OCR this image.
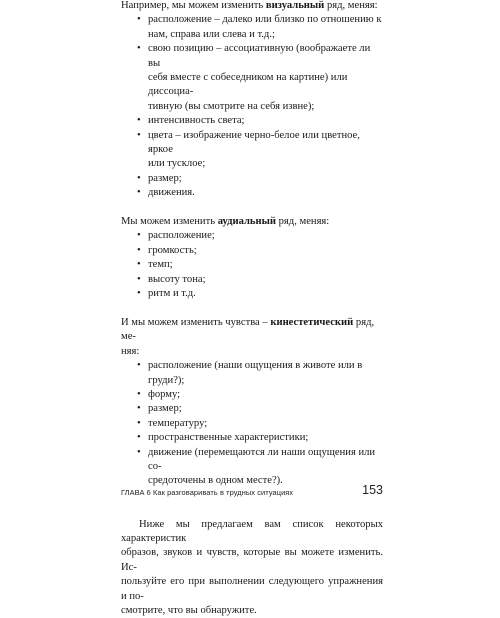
Например, мы можем изменить визуальный ряд, меняя:

• расположение – далеко или близко по отношению к
нам, справа или слева и т.д.;
• свою позицию – ассоциативную (воображаете ли вы
себя вместе с собеседником на картине) или диссоциа-
тивную (вы смотрите на себя извне);
• интенсивность света;
• цвета – изображение черно-белое или цветное, яркое
или тусклое;
• размер;
• движения.

Мы можем изменить аудиальный ряд, меняя:

• расположение;
• громкость;
• темп;
• высоту тона;
• ритм и т.д.

И мы можем изменить чувства – кинестетический ряд, ме-
няя:

• расположение (наши ощущения в животе или в груди?);
• форму;
• размер;
• температуру;
• пространственные характеристики;
• движение (перемещаются ли наши ощущения или со-
средоточены в одном месте?).

Ниже мы предлагаем вам список некоторых характеристик
образов, звуков и чувств, которые вы можете изменить. Ис-
пользуйте его при выполнении следующего упражнения и по-
смотрите, что вы обнаружите.

ГЛАВА 6 Как разговаривать в трудных ситуациях	153
